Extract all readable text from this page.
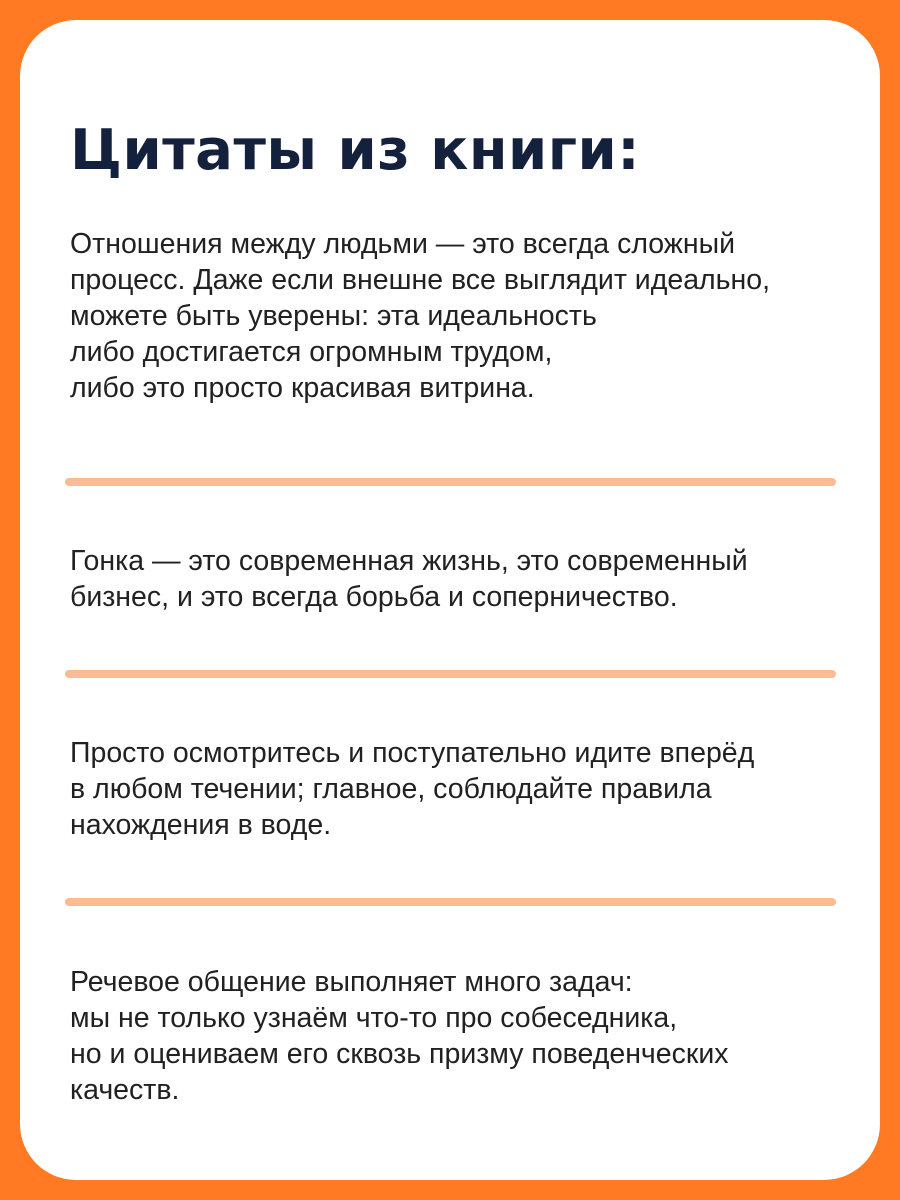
Цитаты из книги:

Отношения между людьми — это всегда сложный
процесс. Даже если внешне все выглядит идеально,
можете быть уверены: эта идеальность
либо достигается огромным трудом,
либо это просто красивая витрина.

Гонка — это современная жизнь, это современный
бизнес, и это всегда борьба и соперничество.

Просто осмотритесь и поступательно идите вперёд
в любом течении; главное, соблюдайте правила
нахождения в воде.

Речевое общение выполняет много задач:
мы не только узнаём что-то про собеседника,
но и оцениваем его сквозь призму поведенческих
качеств.
